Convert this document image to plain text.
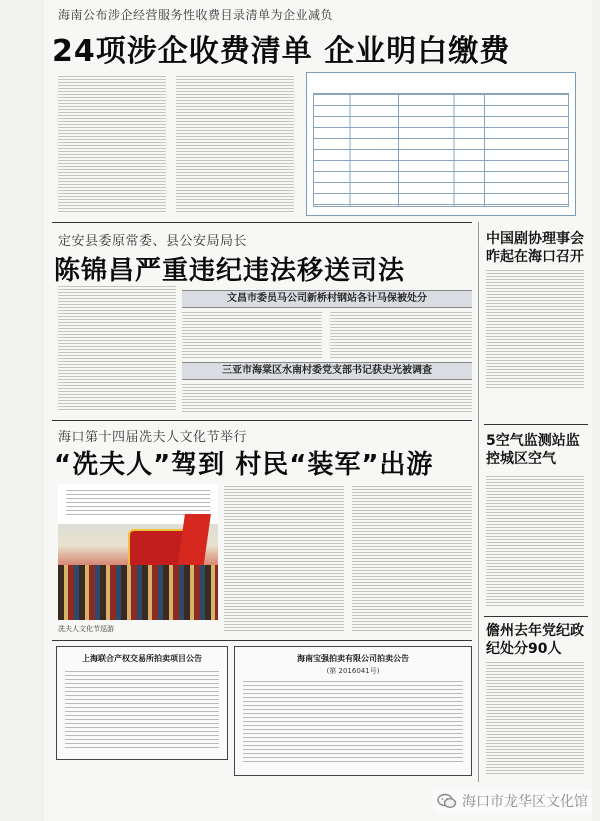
海南公布涉企经营服务性收费目录清单为企业减负
24项涉企收费清单 企业明白缴费
定安县委原常委、县公安局局长
陈锦昌严重违纪违法移送司法
文昌市委员马公司新桥村钢站各计马保被处分
三亚市海棠区水南村委党支部书记获史光被调查
海口第十四届冼夫人文化节举行
“冼夫人”驾到 村民“装军”出游
冼夫人文化节巡游
上海联合产权交易所拍卖项目公告	海南宝强拍卖有限公司拍卖公告
(第 2016041号)
中国剧协理事会昨起在海口召开
5空气监测站监控城区空气
儋州去年党纪政纪处分90人
海口市龙华区文化馆
